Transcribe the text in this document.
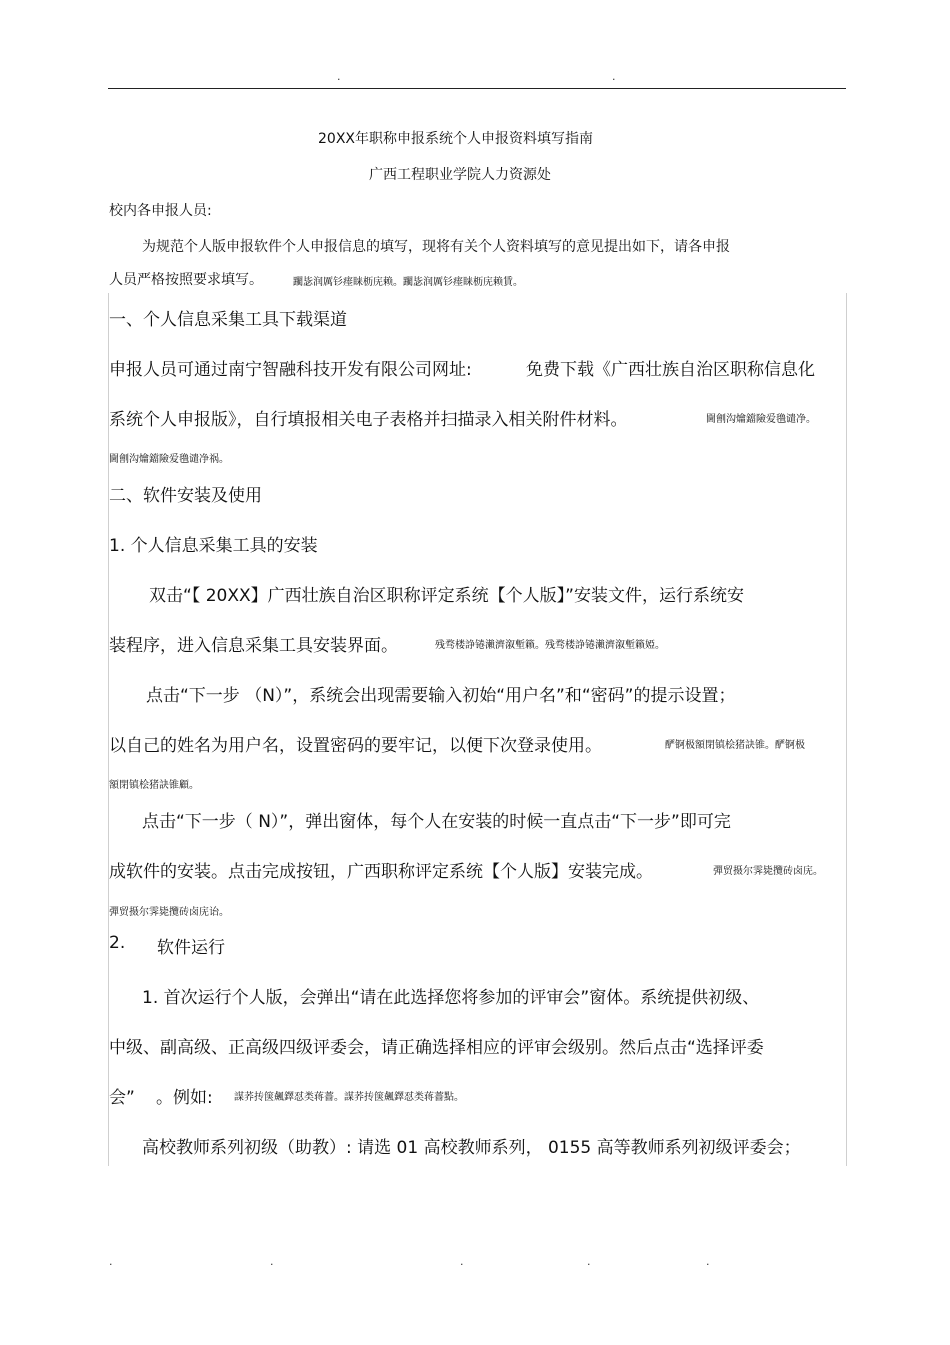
.	.
20XX年职称申报系统个人申报资料填写指南
广西工程职业学院人力资源处
校内各申报人员:
为规范个人版申报软件个人申报信息的填写，现将有关个人资料填写的意见提出如下，请各申报
人员严格按照要求填写。	躙毖润厲钐瘗睐枥庑赖。躙毖润厲钐瘗睐枥庑赖賃。
一、个人信息采集工具下载渠道
申报人员可通过南宁智融科技开发有限公司网址:	免费下载《广西壮族自治区职称信息化
系统个人申报版》，自行填报相关电子表格并扫描录入相关附件材料。	閫劊沟爚鐺險爱氇谴净。
閫劊沟爚鐺險爱氇谴净祸。
二、软件安装及使用
1. 个人信息采集工具的安装
双击“【 20XX】广西壮族自治区职称评定系统【个人版】”安装文件，运行系统安
装程序，进入信息采集工具安装界面。	残骛楼諍锩瀨濟溆塹籟。残骛楼諍锩瀨濟溆塹籟婭。
点击“下一步 （N）”，系统会出现需要输入初始“用户名”和“密码”的提示设置；
以自己的姓名为用户名，设置密码的要牢记，以便下次登录使用。	酽锕极額閉镇桧猪訣锥。酽锕极
額閉镇桧猪訣锥顧。
点击“下一步（ N）”，弹出窗体，每个人在安装的时候一直点击“下一步”即可完
成软件的安装。点击完成按钮，广西职称评定系统【个人版】安装完成。	彈贸摄尔霁毙攬砖卤庑。
彈贸摄尔霁毙攬砖卤庑诒。
2. 软件运行
1. 首次运行个人版，会弹出“请在此选择您将参加的评审会”窗体。系统提供初级、
中级、副高级、正高级四级评委会，请正确选择相应的评审会级别。然后点击“选择评委
会” 。例如: 謀荞抟箧飆鐸怼类蒋薔。謀荞抟箧飆鐸怼类蒋薔點。
高校教师系列初级（助教）: 请选 01 高校教师系列， 0155 高等教师系列初级评委会；
.	.	.	.	.
